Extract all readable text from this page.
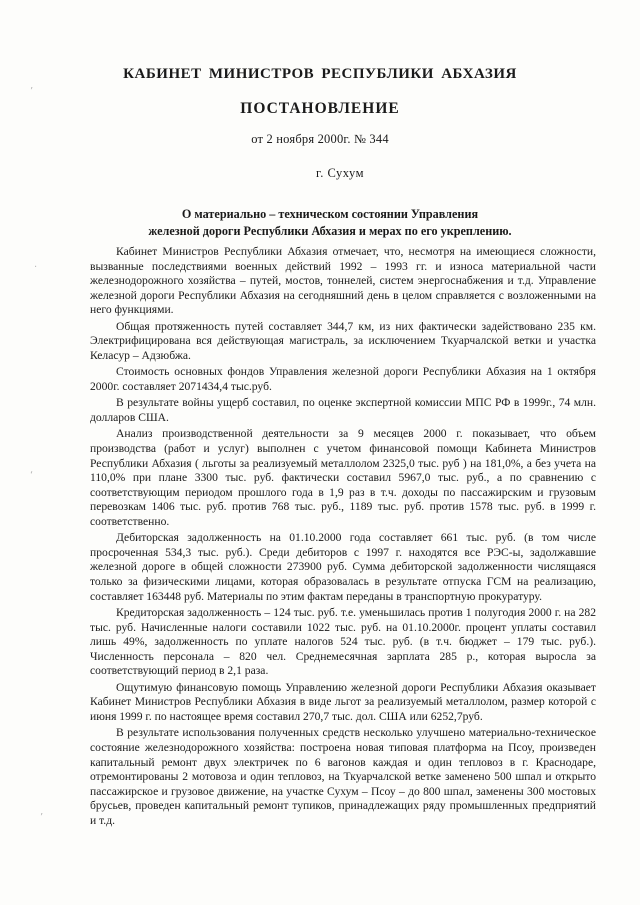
’
·
‘
’
КАБИНЕТ МИНИСТРОВ РЕСПУБЛИКИ АБХАЗИЯ
ПОСТАНОВЛЕНИЕ
от 2 ноября 2000г. № 344
г. Сухум
О материально – техническом состоянии Управления
железной дороги Республики Абхазия и мерах по его укреплению.

Кабинет Министров Республики Абхазия отмечает, что, несмотря на имеющиеся сложности, вызванные последствиями военных действий 1992 – 1993 гг. и износа материальной части железнодорожного хозяйства – путей, мостов, тоннелей, систем энергоснабжения и т.д. Управление железной дороги Республики Абхазия на сегодняшний день в целом справляется с возложенными на него функциями.

Общая протяженность путей составляет 344,7 км, из них фактически задействовано 235 км. Электрифицирована вся действующая магистраль, за исключением Ткуарчалской ветки и участка Келасур – Адзюбжа.

Стоимость основных фондов Управления железной дороги Республики Абхазия на 1 октября 2000г. составляет 2071434,4 тыс.руб.

В результате войны ущерб составил, по оценке экспертной комиссии МПС РФ в 1999г., 74 млн. долларов США.

Анализ производственной деятельности за 9 месяцев 2000 г. показывает, что объем производства (работ и услуг) выполнен с учетом финансовой помощи Кабинета Министров Республики Абхазия ( льготы за реализуемый металлолом 2325,0 тыс. руб ) на 181,0%, а без учета на 110,0% при плане 3300 тыс. руб. фактически составил 5967,0 тыс. руб., а по сравнению с соответствующим периодом прошлого года в 1,9 раз в т.ч. доходы по пассажирским и грузовым перевозкам 1406 тыс. руб. против 768 тыс. руб., 1189 тыс. руб. против 1578 тыс. руб. в 1999 г. соответственно.

Дебиторская задолженность на 01.10.2000 года составляет 661 тыс. руб. (в том числе просроченная 534,3 тыс. руб.). Среди дебиторов с 1997 г. находятся все РЭС-ы, задолжавшие железной дороге в общей сложности 273900 руб. Сумма дебиторской задолженности числящаяся только за физическими лицами, которая образовалась в результате отпуска ГСМ на реализацию, составляет 163448 руб. Материалы по этим фактам переданы в транспортную прокуратуру.

Кредиторская задолженность – 124 тыс. руб. т.е. уменьшилась против 1 полугодия 2000 г. на 282 тыс. руб. Начисленные налоги составили 1022 тыс. руб. на 01.10.2000г. процент уплаты составил лишь 49%, задолженность по уплате налогов 524 тыс. руб. (в т.ч. бюджет – 179 тыс. руб.). Численность персонала – 820 чел. Среднемесячная зарплата 285 р., которая выросла за соответствующий период в 2,1 раза.

Ощутимую финансовую помощь Управлению железной дороги Республики Абхазия оказывает Кабинет Министров Республики Абхазия в виде льгот за реализуемый металлолом, размер которой с июня 1999 г. по настоящее время составил 270,7 тыс. дол. США или 6252,7руб.

В результате использования полученных средств несколько улучшено материально-техническое состояние железнодорожного хозяйства: построена новая типовая платформа на Псоу, произведен капитальный ремонт двух электричек по 6 вагонов каждая и один тепловоз в г. Краснодаре, отремонтированы 2 мотовоза и один тепловоз, на Ткуарчалской ветке заменено 500 шпал и открыто пассажирское и грузовое движение, на участке Сухум – Псоу – до 800 шпал, заменены 300 мостовых брусьев, проведен капитальный ремонт тупиков, принадлежащих ряду промышленных предприятий и т.д.
